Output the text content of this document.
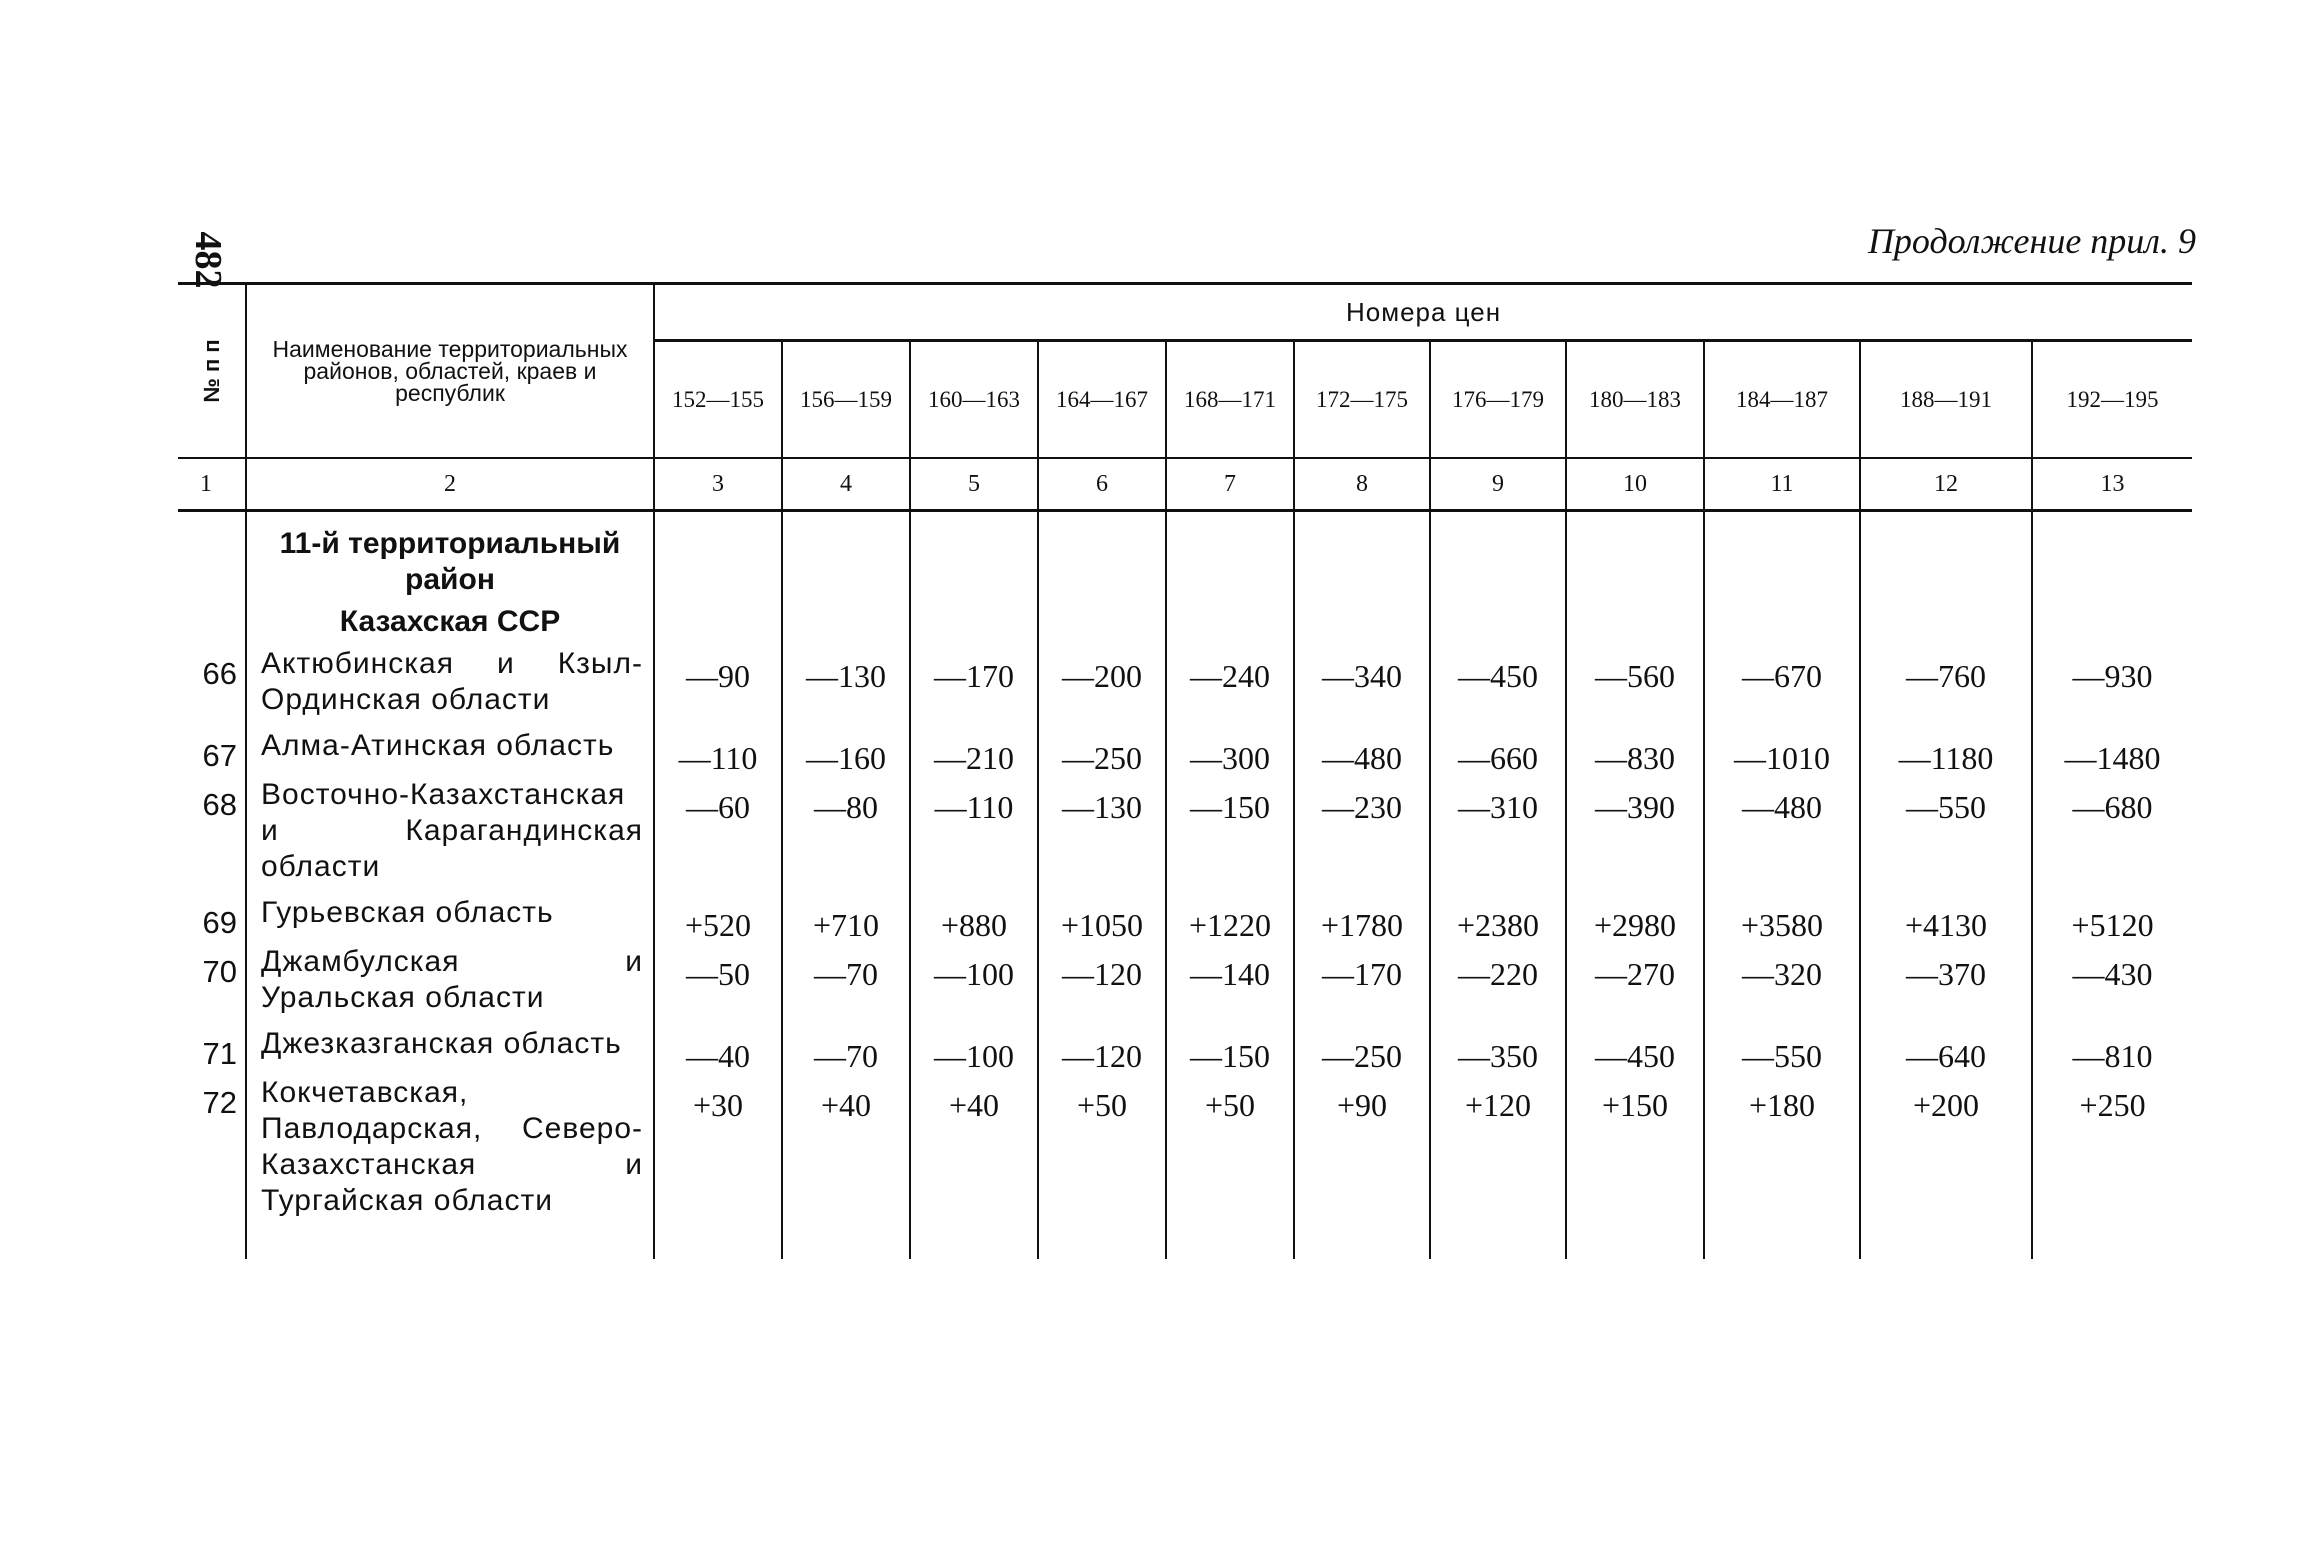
482	Продолжение прил. 9
№ п п	Наименование территориальных районов, областей, краев и республик	Номера цен										
		152—155	156—159	160—163	164—167	168—171	172—175	176—179	180—183	184—187	188—191	192—195
1	2	3	4	5	6	7	8	9	10	11	12	13

	11-й территориальный район											
	Казахская ССР											
66	Актюбинская и Кзыл-Ординская области	—90	—130	—170	—200	—240	—340	—450	—560	—670	—760	—930
67	Алма-Атинская область	—110	—160	—210	—250	—300	—480	—660	—830	—1010	—1180	—1480
68	Восточно-Казахстанская и Карагандинская области	—60	—80	—110	—130	—150	—230	—310	—390	—480	—550	—680
69	Гурьевская область	+520	+710	+880	+1050	+1220	+1780	+2380	+2980	+3580	+4130	+5120
70	Джамбулская и Уральская области	—50	—70	—100	—120	—140	—170	—220	—270	—320	—370	—430
71	Джезказганская область	—40	—70	—100	—120	—150	—250	—350	—450	—550	—640	—810
72	Кокчетавская, Павлодарская, Северо-Казахстанская и Тургайская области	+30	+40	+40	+50	+50	+90	+120	+150	+180	+200	+250
